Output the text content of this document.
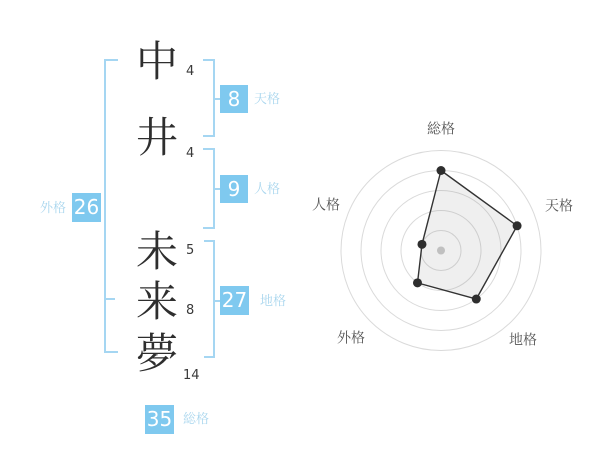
中
井
未
来
夢
4
4
5
8
14
8	天格
9	人格
27 地格
外格 26
35 総格
総格
天格
地格
外格
人格
